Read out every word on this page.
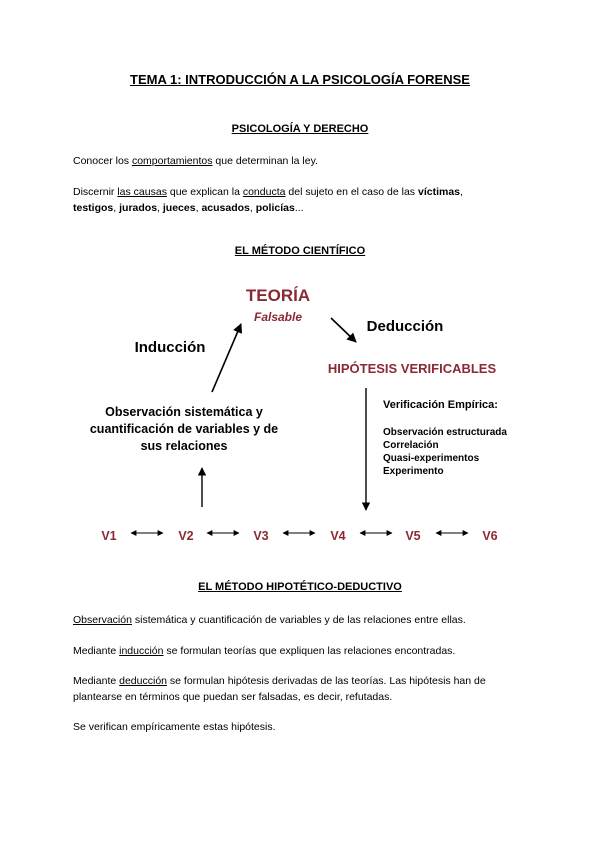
TEMA 1: INTRODUCCIÓN A LA PSICOLOGÍA FORENSE
PSICOLOGÍA Y DERECHO
Conocer los comportamientos que determinan la ley.
Discernir las causas que explican la conducta del sujeto en el caso de las víctimas,
testigos, jurados, jueces, acusados, policías...
EL MÉTODO CIENTÍFICO
TEORÍA
Falsable
Deducción
Inducción
HIPÓTESIS VERIFICABLES
Observación sistemática y
cuantificación de variables y de
sus relaciones
Verificación Empírica:
Observación estructurada
Correlación
Quasi-experimentos
Experimento
V1	V2	V3	V4	V5	V6
EL MÉTODO HIPOTÉTICO-DEDUCTIVO
Observación sistemática y cuantificación de variables y de las relaciones entre ellas.
Mediante inducción se formulan teorías que expliquen las relaciones encontradas.
Mediante deducción se formulan hipótesis derivadas de las teorías. Las hipótesis han de plantearse en términos que puedan ser falsadas, es decir, refutadas.
Se verifican empíricamente estas hipótesis.
